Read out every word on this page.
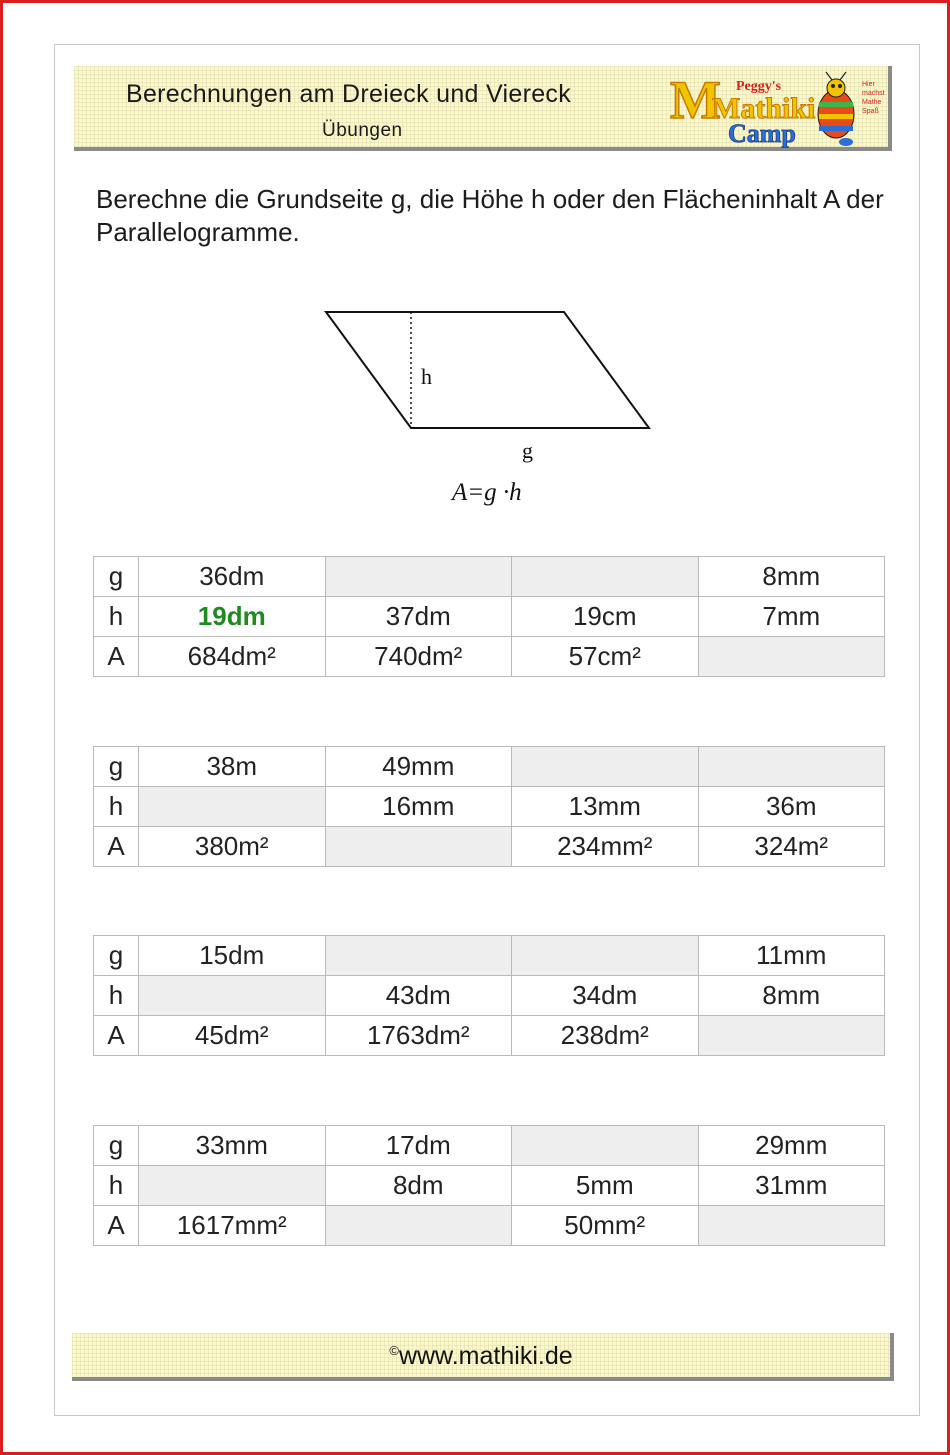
Berechnungen am Dreieck und Viereck
Übungen
M Peggy's
Mathiki
Camp
Hier
machst
Mathe
Spaß
Berechne die Grundseite g, die Höhe h oder den Flächeninhalt A der Parallelogramme.
h
g
A=g ·h
g	36dm			8mm
h	19dm	37dm	19cm	7mm
A	684dm²	740dm²	57cm²	
g	38m	49mm		
h		16mm	13mm	36m
A	380m²		234mm²	324m²
g	15dm			11mm
h		43dm	34dm	8mm
A	45dm²	1763dm²	238dm²	
g	33mm	17dm		29mm
h		8dm	5mm	31mm
A	1617mm²		50mm²	
©www.mathiki.de
